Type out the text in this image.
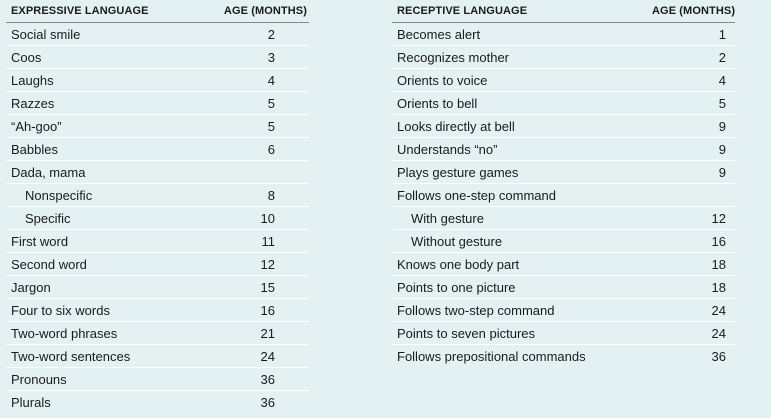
EXPRESSIVE LANGUAGE	AGE (MONTHS)
Social smile	2
Coos	3
Laughs	4
Razzes	5
“Ah-goo”	5
Babbles	6
Dada, mama	
Nonspecific	8
Specific	10
First word	11
Second word	12
Jargon	15
Four to six words	16
Two-word phrases	21
Two-word sentences	24
Pronouns	36
Plurals	36
RECEPTIVE LANGUAGE	AGE (MONTHS)
Becomes alert	1
Recognizes mother	2
Orients to voice	4
Orients to bell	5
Looks directly at bell	9
Understands “no”	9
Plays gesture games	9
Follows one-step command	
With gesture	12
Without gesture	16
Knows one body part	18
Points to one picture	18
Follows two-step command	24
Points to seven pictures	24
Follows prepositional commands	36
